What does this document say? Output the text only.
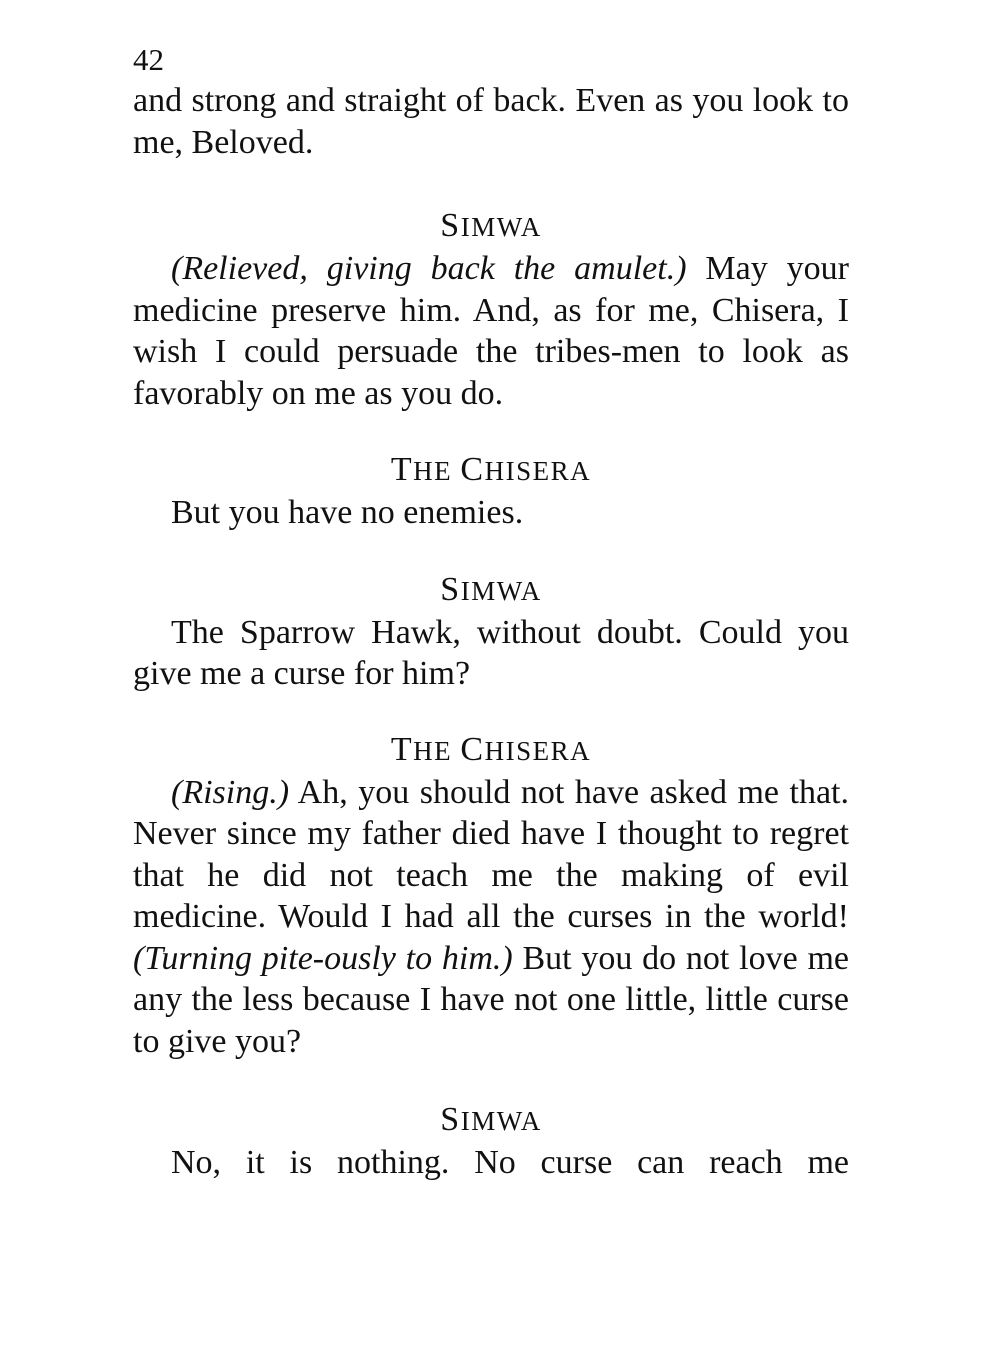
42

and strong and straight of back. Even as you look to me, Beloved.

SIMWA

(Relieved, giving back the amulet.) May your medicine preserve him. And, as for me, Chisera, I wish I could persuade the tribes-men to look as favorably on me as you do.

THE CHISERA

But you have no enemies.

SIMWA

The Sparrow Hawk, without doubt. Could you give me a curse for him?

THE CHISERA

(Rising.) Ah, you should not have asked me that. Never since my father died have I thought to regret that he did not teach me the making of evil medicine. Would I had all the curses in the world! (Turning pite-ously to him.) But you do not love me any the less because I have not one little, little curse to give you?

SIMWA

No, it is nothing. No curse can reach me
